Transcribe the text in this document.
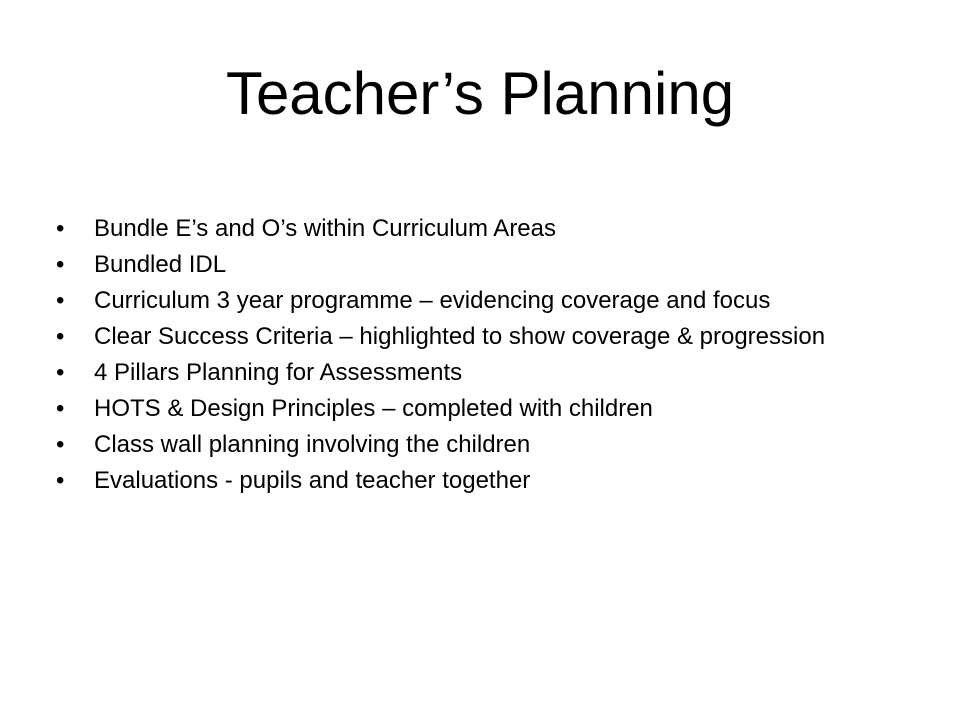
Teacher’s Planning
•	Bundle E’s and O’s within Curriculum Areas
•	Bundled IDL
•	Curriculum 3 year programme – evidencing coverage and focus
•	Clear Success Criteria – highlighted to show coverage & progression
•	4 Pillars Planning for Assessments
•	HOTS & Design Principles – completed with children
•	Class wall planning involving the children
•	Evaluations - pupils and teacher together
